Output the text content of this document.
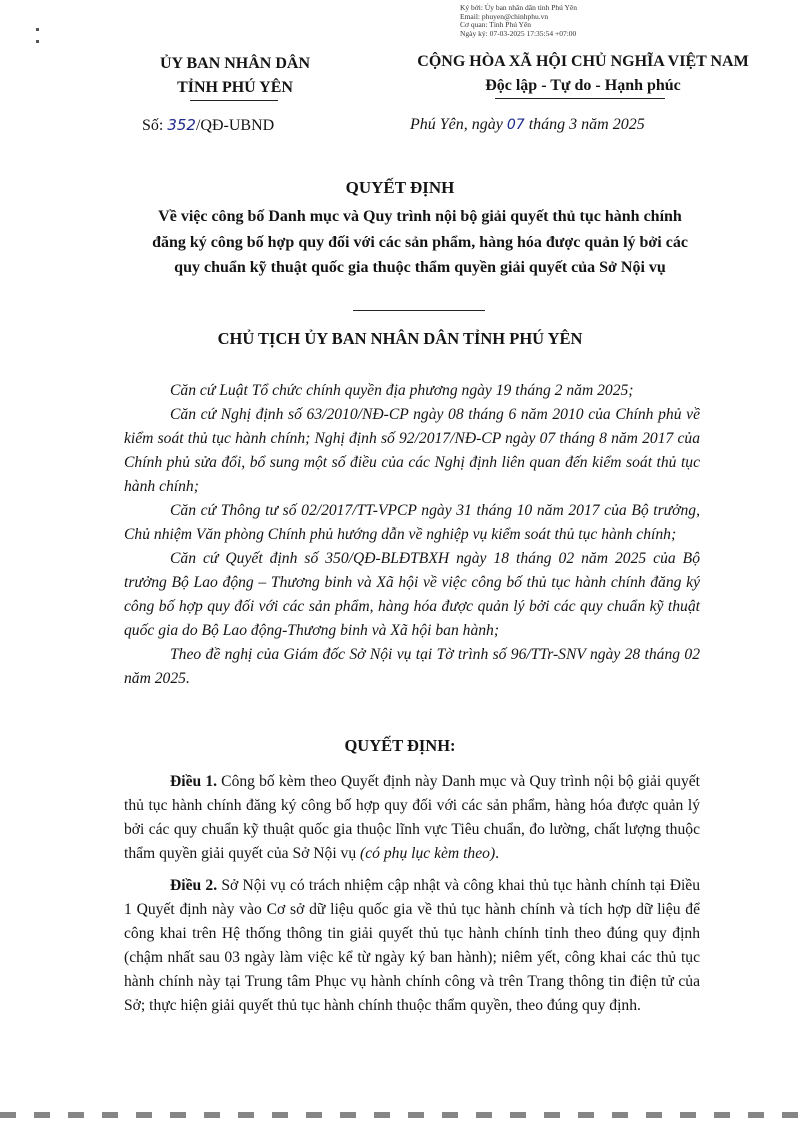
Ký bởi: Ủy ban nhân dân tỉnh Phú Yên
Email: phuyen@chinhphu.vn
Cơ quan: Tỉnh Phú Yên
Ngày ký: 07-03-2025 17:35:54 +07:00
ỦY BAN NHÂN DÂN
TỈNH PHÚ YÊN
CỘNG HÒA XÃ HỘI CHỦ NGHĨA VIỆT NAM
Độc lập - Tự do - Hạnh phúc
Số: 352/QĐ-UBND	Phú Yên, ngày 07 tháng 3 năm 2025
QUYẾT ĐỊNH
Về việc công bố Danh mục và Quy trình nội bộ giải quyết thủ tục hành chính đăng ký công bố hợp quy đối với các sản phẩm, hàng hóa được quản lý bởi các quy chuẩn kỹ thuật quốc gia thuộc thẩm quyền giải quyết của Sở Nội vụ
CHỦ TỊCH ỦY BAN NHÂN DÂN TỈNH PHÚ YÊN

Căn cứ Luật Tổ chức chính quyền địa phương ngày 19 tháng 2 năm 2025;

Căn cứ Nghị định số 63/2010/NĐ-CP ngày 08 tháng 6 năm 2010 của Chính phủ về kiểm soát thủ tục hành chính; Nghị định số 92/2017/NĐ-CP ngày 07 tháng 8 năm 2017 của Chính phủ sửa đổi, bổ sung một số điều của các Nghị định liên quan đến kiểm soát thủ tục hành chính;

Căn cứ Thông tư số 02/2017/TT-VPCP ngày 31 tháng 10 năm 2017 của Bộ trưởng, Chủ nhiệm Văn phòng Chính phủ hướng dẫn về nghiệp vụ kiểm soát thủ tục hành chính;

Căn cứ Quyết định số 350/QĐ-BLĐTBXH ngày 18 tháng 02 năm 2025 của Bộ trưởng Bộ Lao động – Thương binh và Xã hội về việc công bố thủ tục hành chính đăng ký công bố hợp quy đối với các sản phẩm, hàng hóa được quản lý bởi các quy chuẩn kỹ thuật quốc gia do Bộ Lao động-Thương binh và Xã hội ban hành;

Theo đề nghị của Giám đốc Sở Nội vụ tại Tờ trình số 96/TTr-SNV ngày 28 tháng 02 năm 2025.

QUYẾT ĐỊNH:

Điều 1. Công bố kèm theo Quyết định này Danh mục và Quy trình nội bộ giải quyết thủ tục hành chính đăng ký công bố hợp quy đối với các sản phẩm, hàng hóa được quản lý bởi các quy chuẩn kỹ thuật quốc gia thuộc lĩnh vực Tiêu chuẩn, đo lường, chất lượng thuộc thẩm quyền giải quyết của Sở Nội vụ (có phụ lục kèm theo).

Điều 2. Sở Nội vụ có trách nhiệm cập nhật và công khai thủ tục hành chính tại Điều 1 Quyết định này vào Cơ sở dữ liệu quốc gia về thủ tục hành chính và tích hợp dữ liệu để công khai trên Hệ thống thông tin giải quyết thủ tục hành chính tỉnh theo đúng quy định (chậm nhất sau 03 ngày làm việc kể từ ngày ký ban hành); niêm yết, công khai các thủ tục hành chính này tại Trung tâm Phục vụ hành chính công và trên Trang thông tin điện tử của Sở; thực hiện giải quyết thủ tục hành chính thuộc thẩm quyền, theo đúng quy định.
